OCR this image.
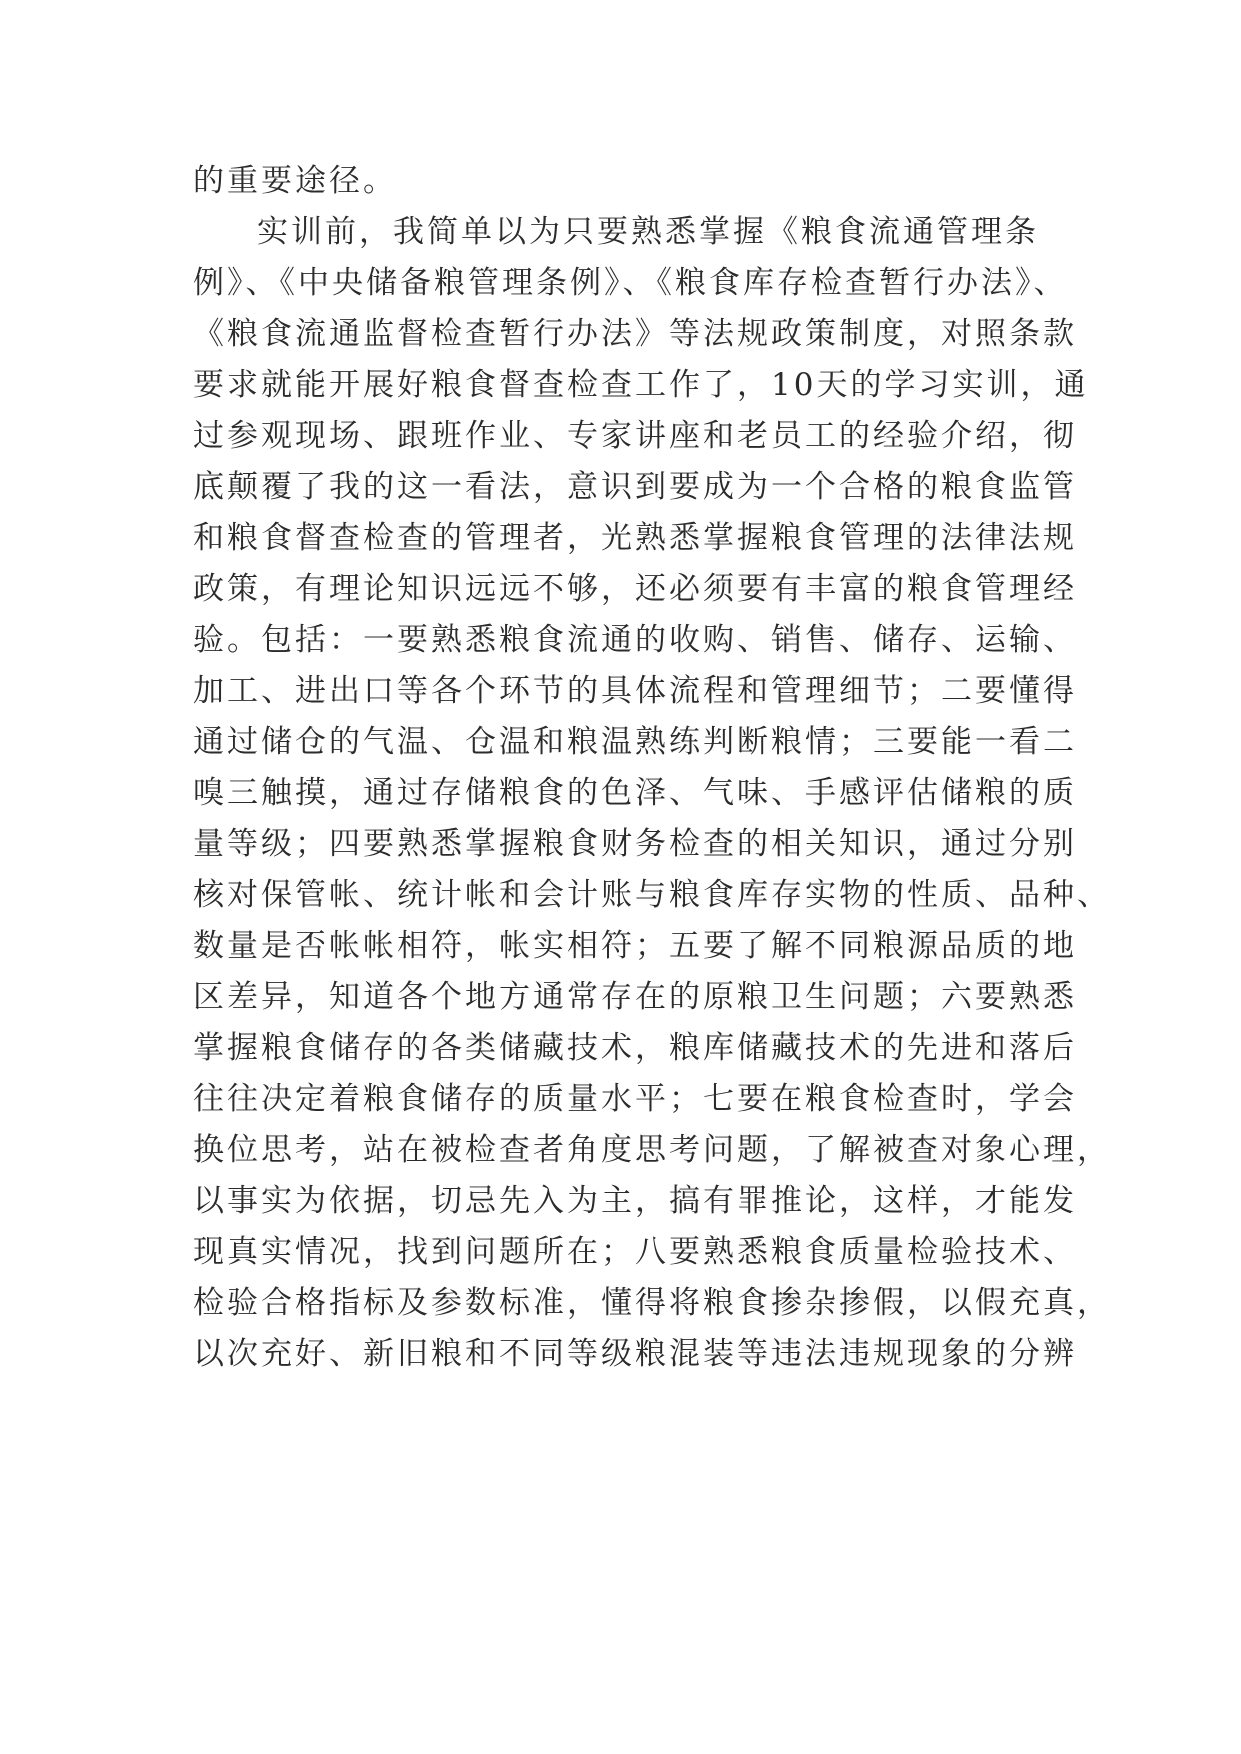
的重要途径。
实训前，我简单以为只要熟悉掌握《粮食流通管理条
例》、《中央储备粮管理条例》、《粮食库存检查暂行办法》、
《粮食流通监督检查暂行办法》等法规政策制度，对照条款
要求就能开展好粮食督查检查工作了，10天的学习实训，通
过参观现场、跟班作业、专家讲座和老员工的经验介绍，彻
底颠覆了我的这一看法，意识到要成为一个合格的粮食监管
和粮食督查检查的管理者，光熟悉掌握粮食管理的法律法规
政策，有理论知识远远不够，还必须要有丰富的粮食管理经
验。包括：一要熟悉粮食流通的收购、销售、储存、运输、
加工、进出口等各个环节的具体流程和管理细节；二要懂得
通过储仓的气温、仓温和粮温熟练判断粮情；三要能一看二
嗅三触摸，通过存储粮食的色泽、气味、手感评估储粮的质
量等级；四要熟悉掌握粮食财务检查的相关知识，通过分别
核对保管帐、统计帐和会计账与粮食库存实物的性质、品种、
数量是否帐帐相符，帐实相符；五要了解不同粮源品质的地
区差异，知道各个地方通常存在的原粮卫生问题；六要熟悉
掌握粮食储存的各类储藏技术，粮库储藏技术的先进和落后
往往决定着粮食储存的质量水平；七要在粮食检查时，学会
换位思考，站在被检查者角度思考问题，了解被查对象心理，
以事实为依据，切忌先入为主，搞有罪推论，这样，才能发
现真实情况，找到问题所在；八要熟悉粮食质量检验技术、
检验合格指标及参数标准，懂得将粮食掺杂掺假，以假充真，
以次充好、新旧粮和不同等级粮混装等违法违规现象的分辨
